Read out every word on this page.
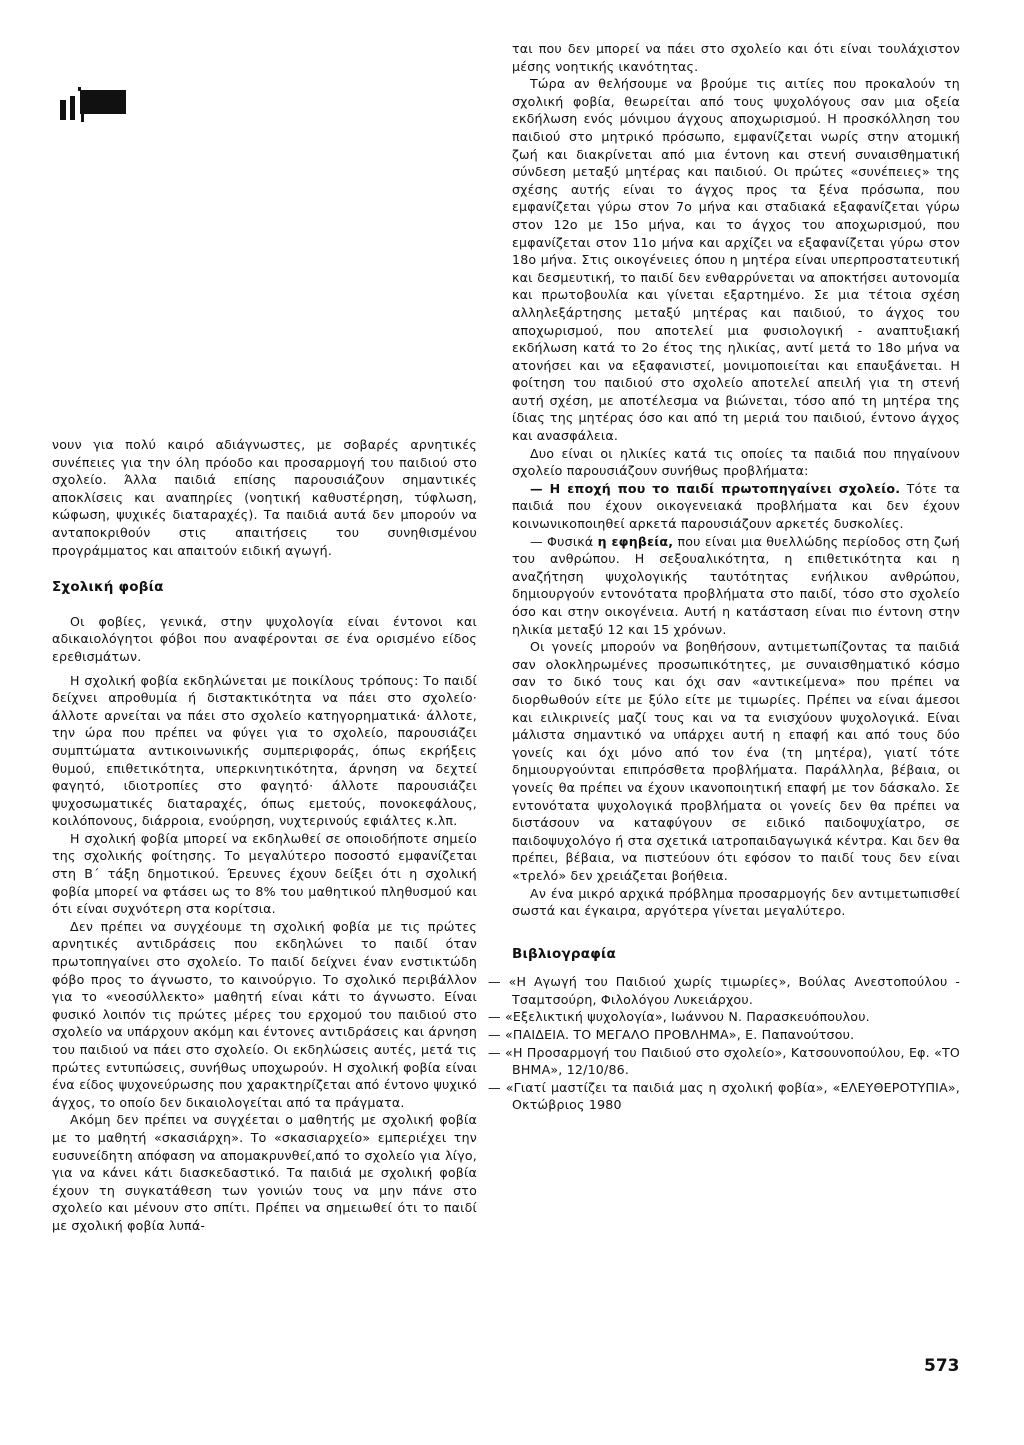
νουν για πολύ καιρό αδιάγνωστες, με σοβαρές αρνητικές συνέπειες για την όλη πρόοδο και προσαρμογή του παιδιού στο σχολείο. Άλλα παιδιά επίσης παρουσιάζουν σημαντικές αποκλίσεις και αναπηρίες (νοητική καθυστέρηση, τύφλωση, κώφωση, ψυχικές διαταραχές). Τα παιδιά αυτά δεν μπορούν να ανταποκριθούν στις απαιτήσεις του συνηθισμένου προγράμματος και απαιτούν ειδική αγωγή.

Σχολική φοβία

Οι φοβίες, γενικά, στην ψυχολογία είναι έντονοι και αδικαιολόγητοι φόβοι που αναφέρονται σε ένα ορισμένο είδος ερεθισμάτων.

Η σχολική φοβία εκδηλώνεται με ποικίλους τρόπους: Το παιδί δείχνει απροθυμία ή διστακτικότητα να πάει στο σχολείο· άλλοτε αρνείται να πάει στο σχολείο κατηγορηματικά· άλλοτε, την ώρα που πρέπει να φύγει για το σχολείο, παρουσιάζει συμπτώματα αντικοινωνικής συμπεριφοράς, όπως εκρήξεις θυμού, επιθετικότητα, υπερκινητικότητα, άρνηση να δεχτεί φαγητό, ιδιοτροπίες στο φαγητό· άλλοτε παρουσιάζει ψυχοσωματικές διαταραχές, όπως εμετούς, πονοκεφάλους, κοιλόπονους, διάρροια, ενούρηση, νυχτερινούς εφιάλτες κ.λπ.

Η σχολική φοβία μπορεί να εκδηλωθεί σε οποιοδήποτε σημείο της σχολικής φοίτησης. Το μεγαλύτερο ποσοστό εμφανίζεται στη Β΄ τάξη δημοτικού. Έρευνες έχουν δείξει ότι η σχολική φοβία μπορεί να φτάσει ως το 8% του μαθητικού πληθυσμού και ότι είναι συχνότερη στα κορίτσια.

Δεν πρέπει να συγχέουμε τη σχολική φοβία με τις πρώτες αρνητικές αντιδράσεις που εκδηλώνει το παιδί όταν πρωτοπηγαίνει στο σχολείο. Το παιδί δείχνει έναν ενστικτώδη φόβο προς το άγνωστο, το καινούργιο. Το σχολικό περιβάλλον για το «νεοσύλλεκτο» μαθητή είναι κάτι το άγνωστο. Είναι φυσικό λοιπόν τις πρώτες μέρες του ερχομού του παιδιού στο σχολείο να υπάρχουν ακόμη και έντονες αντιδράσεις και άρνηση του παιδιού να πάει στο σχολείο. Οι εκδηλώσεις αυτές, μετά τις πρώτες εντυπώσεις, συνήθως υποχωρούν. Η σχολική φοβία είναι ένα είδος ψυχονεύρωσης που χαρακτηρίζεται από έντονο ψυχικό άγχος, το οποίο δεν δικαιολογείται από τα πράγματα.

Ακόμη δεν πρέπει να συγχέεται ο μαθητής με σχολική φοβία με το μαθητή «σκασιάρχη». Το «σκασιαρχείο» εμπεριέχει την ευσυνείδητη απόφαση να απομακρυνθεί,από το σχολείο για λίγο, για να κάνει κάτι διασκεδαστικό. Τα παιδιά με σχολική φοβία έχουν τη συγκατάθεση των γονιών τους να μην πάνε στο σχολείο και μένουν στο σπίτι. Πρέπει να σημειωθεί ότι το παιδί με σχολική φοβία λυπά-

ται που δεν μπορεί να πάει στο σχολείο και ότι είναι τουλάχιστον μέσης νοητικής ικανότητας.

Τώρα αν θελήσουμε να βρούμε τις αιτίες που προκαλούν τη σχολική φοβία, θεωρείται από τους ψυχολόγους σαν μια οξεία εκδήλωση ενός μόνιμου άγχους αποχωρισμού. Η προσκόλληση του παιδιού στο μητρικό πρόσωπο, εμφανίζεται νωρίς στην ατομική ζωή και διακρίνεται από μια έντονη και στενή συναισθηματική σύνδεση μεταξύ μητέρας και παιδιού. Οι πρώτες «συνέπειες» της σχέσης αυτής είναι το άγχος προς τα ξένα πρόσωπα, που εμφανίζεται γύρω στον 7ο μήνα και σταδιακά εξαφανίζεται γύρω στον 12ο με 15ο μήνα, και το άγχος του αποχωρισμού, που εμφανίζεται στον 11ο μήνα και αρχίζει να εξαφανίζεται γύρω στον 18ο μήνα. Στις οικογένειες όπου η μητέρα είναι υπερπροστατευτική και δεσμευτική, το παιδί δεν ενθαρρύνεται να αποκτήσει αυτονομία και πρωτοβουλία και γίνεται εξαρτημένο. Σε μια τέτοια σχέση αλληλεξάρτησης μεταξύ μητέρας και παιδιού, το άγχος του αποχωρισμού, που αποτελεί μια φυσιολογική - αναπτυξιακή εκδήλωση κατά το 2ο έτος της ηλικίας, αντί μετά το 18ο μήνα να ατονήσει και να εξαφανιστεί, μονιμοποιείται και επαυξάνεται. Η φοίτηση του παιδιού στο σχολείο αποτελεί απειλή για τη στενή αυτή σχέση, με αποτέλεσμα να βιώνεται, τόσο από τη μητέρα της ίδιας της μητέρας όσο και από τη μεριά του παιδιού, έντονο άγχος και ανασφάλεια.

Δυο είναι οι ηλικίες κατά τις οποίες τα παιδιά που πηγαίνουν σχολείο παρουσιάζουν συνήθως προβλήματα:

— Η εποχή που το παιδί πρωτοπηγαίνει σχολείο. Τότε τα παιδιά που έχουν οικογενειακά προβλήματα και δεν έχουν κοινωνικοποιηθεί αρκετά παρουσιάζουν αρκετές δυσκολίες.

— Φυσικά η εφηβεία, που είναι μια θυελλώδης περίοδος στη ζωή του ανθρώπου. Η σεξουαλικότητα, η επιθετικότητα και η αναζήτηση ψυχολογικής ταυτότητας ενήλικου ανθρώπου, δημιουργούν εντονότατα προβλήματα στο παιδί, τόσο στο σχολείο όσο και στην οικογένεια. Αυτή η κατάσταση είναι πιο έντονη στην ηλικία μεταξύ 12 και 15 χρόνων.

Οι γονείς μπορούν να βοηθήσουν, αντιμετωπίζοντας τα παιδιά σαν ολοκληρωμένες προσωπικότητες, με συναισθηματικό κόσμο σαν το δικό τους και όχι σαν «αντικείμενα» που πρέπει να διορθωθούν είτε με ξύλο είτε με τιμωρίες. Πρέπει να είναι άμεσοι και ειλικρινείς μαζί τους και να τα ενισχύουν ψυχολογικά. Είναι μάλιστα σημαντικό να υπάρχει αυτή η επαφή και από τους δύο γονείς και όχι μόνο από τον ένα (τη μητέρα), γιατί τότε δημιουργούνται επιπρόσθετα προβλήματα. Παράλληλα, βέβαια, οι γονείς θα πρέπει να έχουν ικανοποιητική επαφή με τον δάσκαλο. Σε εντονότατα ψυχολογικά προβλήματα οι γονείς δεν θα πρέπει να διστάσουν να καταφύγουν σε ειδικό παιδοψυχίατρο, σε παιδοψυχολόγο ή στα σχετικά ιατροπαιδαγωγικά κέντρα. Και δεν θα πρέπει, βέβαια, να πιστεύουν ότι εφόσον το παιδί τους δεν είναι «τρελό» δεν χρειάζεται βοήθεια.

Αν ένα μικρό αρχικά πρόβλημα προσαρμογής δεν αντιμετωπισθεί σωστά και έγκαιρα, αργότερα γίνεται μεγαλύτερο.

Βιβλιογραφία

— «Η Αγωγή του Παιδιού χωρίς τιμωρίες», Βούλας Ανεστοπούλου - Τσαμτσούρη, Φιλολόγου Λυκειάρχου.

— «Εξελικτική ψυχολογία», Ιωάννου Ν. Παρασκευόπουλου.

— «ΠΑΙΔΕΙΑ. ΤΟ ΜΕΓΑΛΟ ΠΡΟΒΛΗΜΑ», Ε. Παπανούτσου.

— «Η Προσαρμογή του Παιδιού στο σχολείο», Κατσουνοπούλου, Εφ. «ΤΟ ΒΗΜΑ», 12/10/86.

— «Γιατί μαστίζει τα παιδιά μας η σχολική φοβία», «ΕΛΕΥΘΕΡΟΤΥΠΙΑ», Οκτώβριος 1980

573
